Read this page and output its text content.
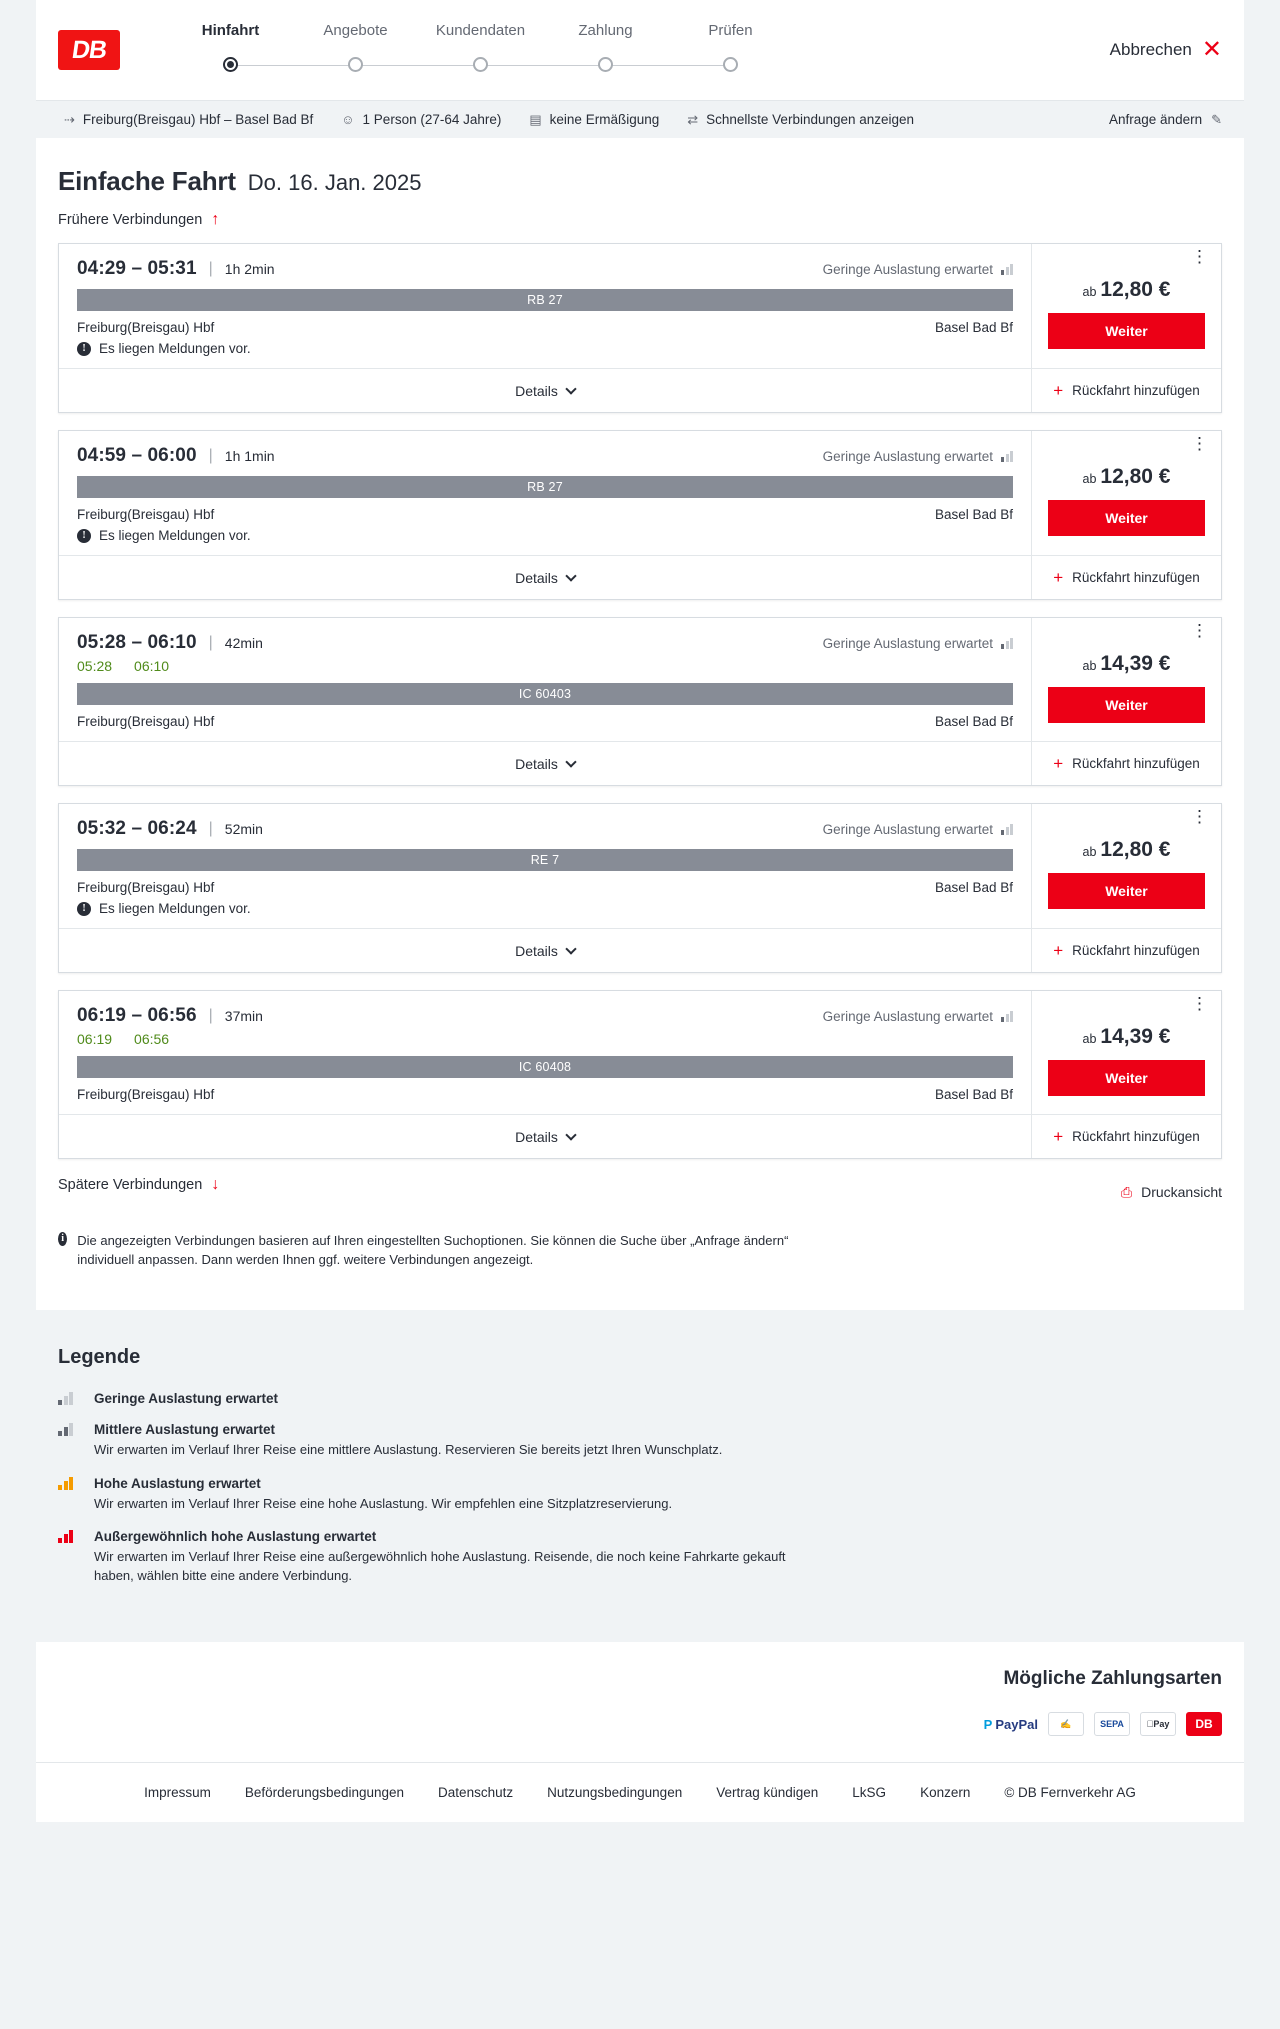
DB
Hinfahrt	Angebote	Kundendaten	Zahlung	Prüfen
Abbrechen ✕
⇢ Freiburg(Breisgau) Hbf – Basel Bad Bf ☺ 1 Person (27-64 Jahre) ▤ keine Ermäßigung ⇄ Schnellste Verbindungen anzeigen	Anfrage ändern ✎
Einfache Fahrt Do. 16. Jan. 2025
Frühere Verbindungen ↑
04:29 – 05:31 | 1h 2min	Geringe Auslastung erwartet
RB 27
Freiburg(Breisgau) Hbf	Basel Bad Bf
! Es liegen Meldungen vor.
Details
⋮
ab 12,80 €
Weiter
+ Rückfahrt hinzufügen
04:59 – 06:00 | 1h 1min	Geringe Auslastung erwartet
RB 27
Freiburg(Breisgau) Hbf	Basel Bad Bf
! Es liegen Meldungen vor.
Details
⋮
ab 12,80 €
Weiter
+ Rückfahrt hinzufügen
05:28 – 06:10 | 42min	Geringe Auslastung erwartet
05:28 06:10
IC 60403
Freiburg(Breisgau) Hbf	Basel Bad Bf
Details
⋮
ab 14,39 €
Weiter
+ Rückfahrt hinzufügen
05:32 – 06:24 | 52min	Geringe Auslastung erwartet
RE 7
Freiburg(Breisgau) Hbf	Basel Bad Bf
! Es liegen Meldungen vor.
Details
⋮
ab 12,80 €
Weiter
+ Rückfahrt hinzufügen
06:19 – 06:56 | 37min	Geringe Auslastung erwartet
06:19 06:56
IC 60408
Freiburg(Breisgau) Hbf	Basel Bad Bf
Details
⋮
ab 14,39 €
Weiter
+ Rückfahrt hinzufügen
Spätere Verbindungen ↓	⎙ Druckansicht
i Die angezeigten Verbindungen basieren auf Ihren eingestellten Suchoptionen. Sie können die Suche über „Anfrage ändern“ individuell anpassen. Dann werden Ihnen ggf. weitere Verbindungen angezeigt.
Legende
Geringe Auslastung erwartet
Mittlere Auslastung erwartet
Wir erwarten im Verlauf Ihrer Reise eine mittlere Auslastung. Reservieren Sie bereits jetzt Ihren Wunschplatz.
Hohe Auslastung erwartet
Wir erwarten im Verlauf Ihrer Reise eine hohe Auslastung. Wir empfehlen eine Sitzplatzreservierung.
Außergewöhnlich hohe Auslastung erwartet
Wir erwarten im Verlauf Ihrer Reise eine außergewöhnlich hohe Auslastung. Reisende, die noch keine Fahrkarte gekauft haben, wählen bitte eine andere Verbindung.
Mögliche Zahlungsarten
P PayPal	✍	SEPA	Pay	DB
Impressum	Beförderungsbedingungen	Datenschutz	Nutzungsbedingungen	Vertrag kündigen	LkSG	Konzern	© DB Fernverkehr AG
